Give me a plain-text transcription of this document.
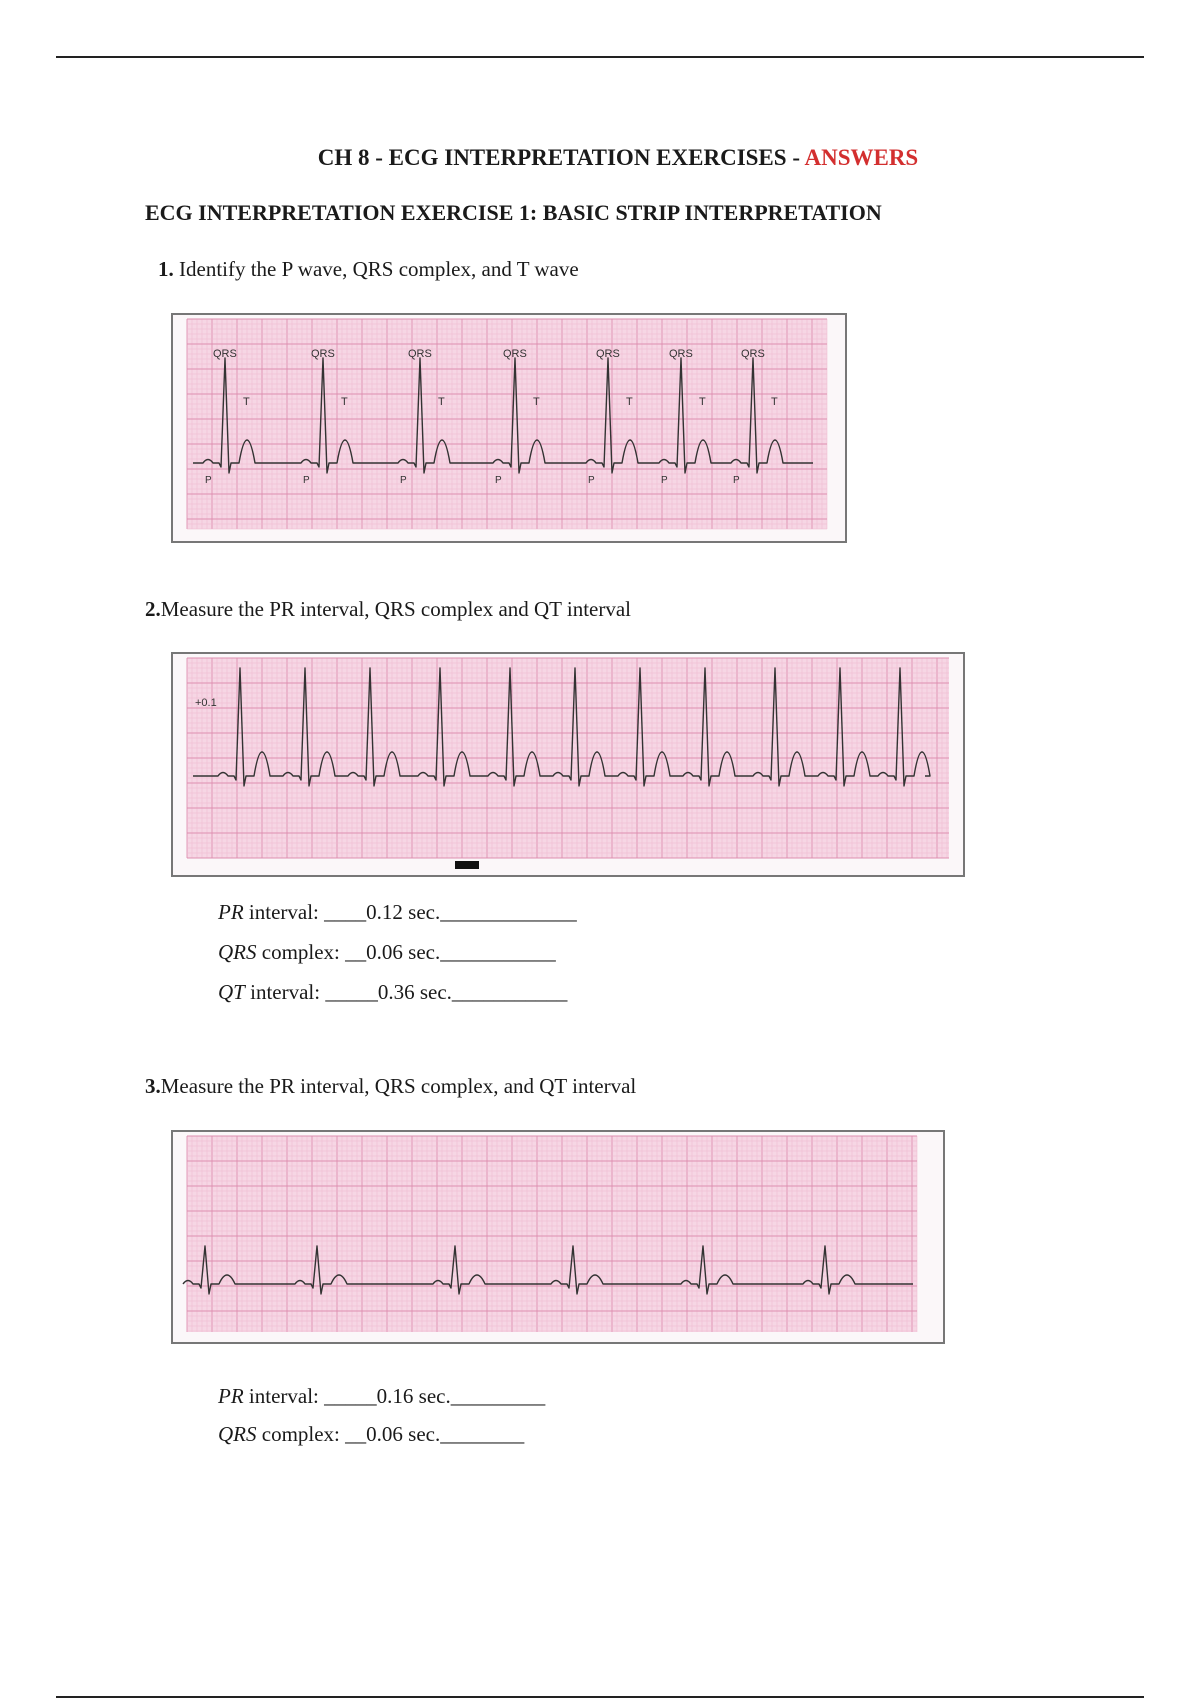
CH 8 - ECG INTERPRETATION EXERCISES - ANSWERS
ECG INTERPRETATION EXERCISE 1: BASIC STRIP INTERPRETATION
1. Identify the P wave, QRS complex, and T wave
QRS
T
P
QRS
T
P
QRS
T
P
QRS
T
P
QRS
T
P
QRS
T
P
QRS
T
P
2.Measure the PR interval, QRS complex and QT interval
+0.1
PR interval: ____0.12 sec._____________
QRS complex: __0.06 sec.___________
QT interval: _____0.36 sec.___________
3.Measure the PR interval, QRS complex, and QT interval
PR interval: _____0.16 sec._________
QRS complex: __0.06 sec.________
